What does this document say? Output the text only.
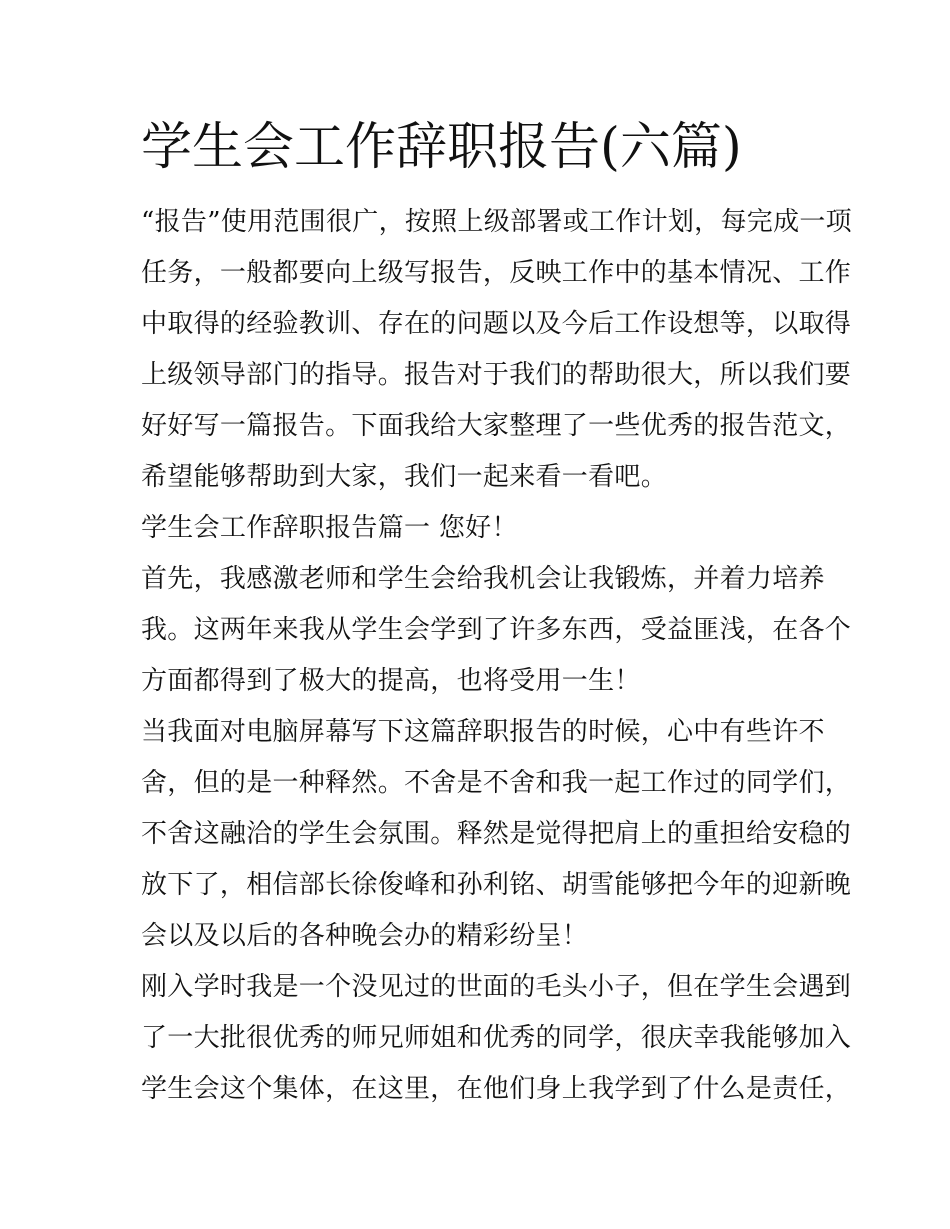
学生会工作辞职报告(六篇)
“报告”使用范围很广，按照上级部署或工作计划，每完成一项
任务，一般都要向上级写报告，反映工作中的基本情况、工作
中取得的经验教训、存在的问题以及今后工作设想等，以取得
上级领导部门的指导。报告对于我们的帮助很大，所以我们要
好好写一篇报告。下面我给大家整理了一些优秀的报告范文，
希望能够帮助到大家，我们一起来看一看吧。
学生会工作辞职报告篇一 您好！
首先，我感激老师和学生会给我机会让我锻炼，并着力培养
我。这两年来我从学生会学到了许多东西，受益匪浅，在各个
方面都得到了极大的提高，也将受用一生！
当我面对电脑屏幕写下这篇辞职报告的时候，心中有些许不
舍，但的是一种释然。不舍是不舍和我一起工作过的同学们，
不舍这融洽的学生会氛围。释然是觉得把肩上的重担给安稳的
放下了，相信部长徐俊峰和孙利铭、胡雪能够把今年的迎新晚
会以及以后的各种晚会办的精彩纷呈！
刚入学时我是一个没见过的世面的毛头小子，但在学生会遇到
了一大批很优秀的师兄师姐和优秀的同学，很庆幸我能够加入
学生会这个集体，在这里，在他们身上我学到了什么是责任，
